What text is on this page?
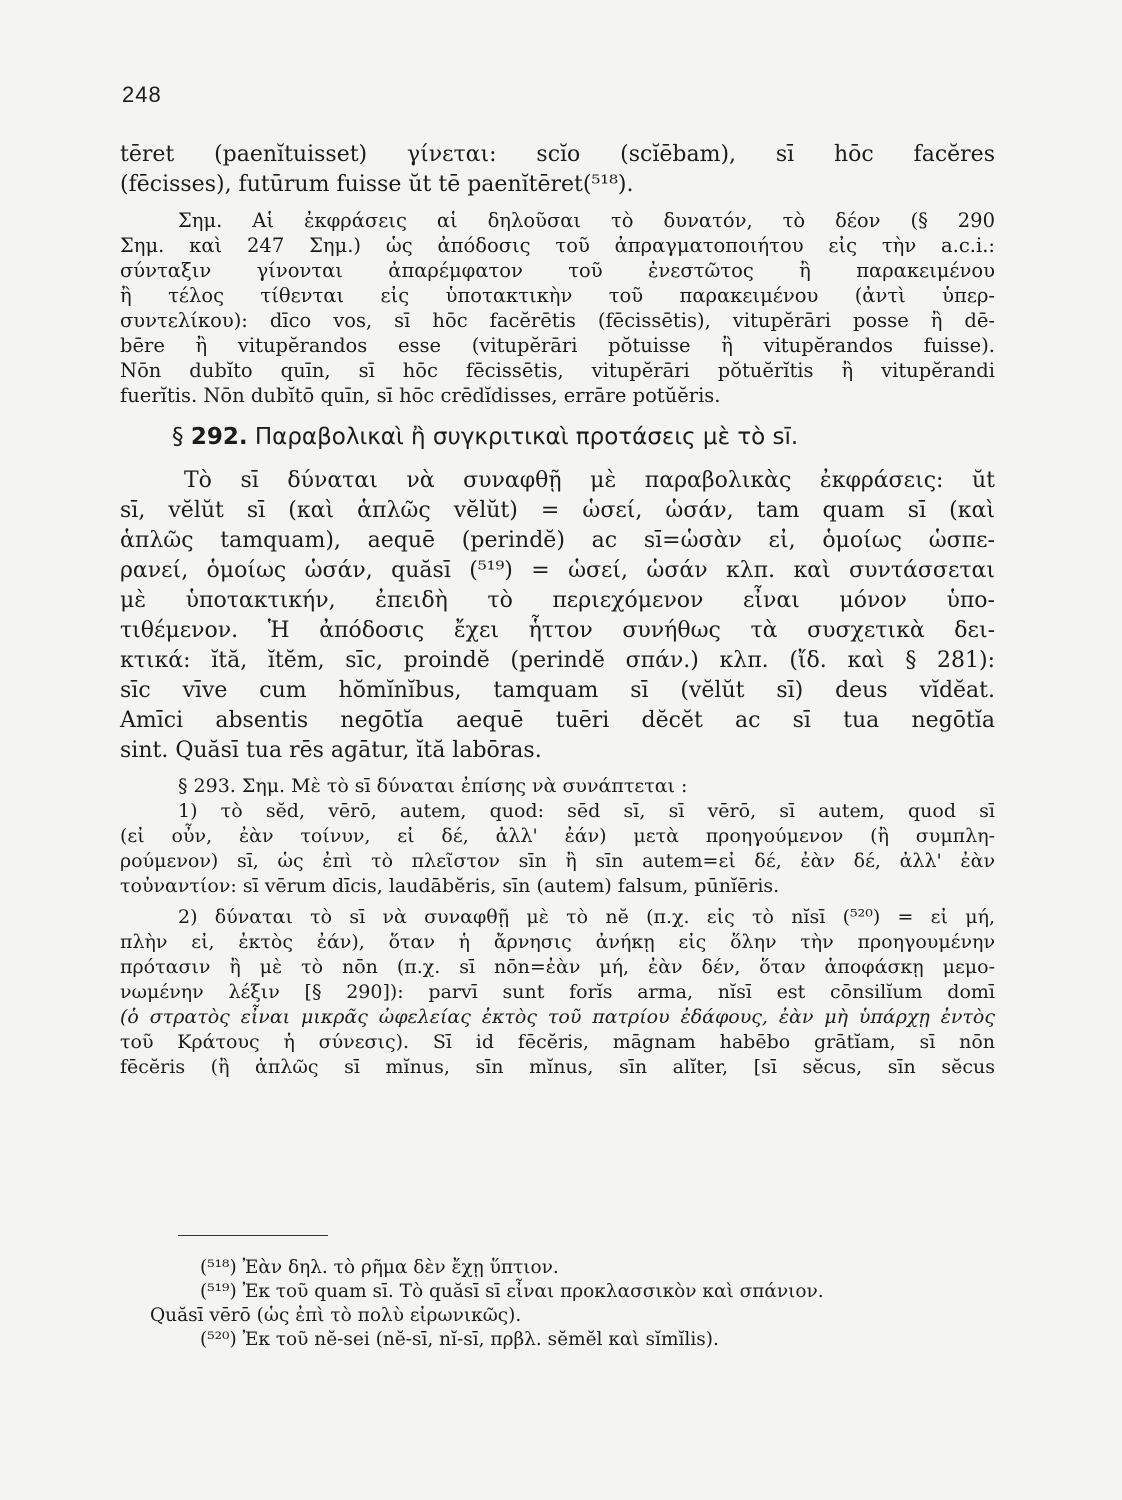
248
tēret (paenĭtuisset) γίνεται: scĭo (scĭēbam), sī hōc facĕres
(fēcisses), futūrum fuisse ŭt tē paenĭtēret(⁵¹⁸).
Σημ. Αἱ ἐκφράσεις αἱ δηλοῦσαι τὸ δυνατόν, τὸ δέον (§ 290
Σημ. καὶ 247 Σημ.) ὡς ἀπόδοσις τοῦ ἀπραγματοποιήτου εἰς τὴν a.c.i.:
σύνταξιν γίνονται ἀπαρέμφατον τοῦ ἐνεστῶτος ἢ παρακειμένου
ἢ τέλος τίθενται εἰς ὑποτακτικὴν τοῦ παρακειμένου (ἀντὶ ὑπερ-
συντελίκου): dīco vos, sī hōc facĕrētis (fēcissētis), vitupĕrāri posse ἢ dē-
bēre ἢ vitupĕrandos esse (vitupĕrāri pŏtuisse ἢ vitupĕrandos fuisse).
Nōn dubĭto quīn, sī hōc fēcissētis, vitupĕrāri pŏtuĕrĭtis ἢ vitupĕrandi
fuerĭtis. Nōn dubĭtō quīn, sī hōc crēdĭdisses, errāre potŭĕris.
§ 292. Παραβολικαὶ ἢ συγκριτικαὶ προτάσεις μὲ τὸ sī.
Τὸ sī δύναται νὰ συναφθῇ μὲ παραβολικὰς ἐκφράσεις: ŭt
sī, vĕlŭt sī (καὶ ἁπλῶς vĕlŭt) = ὡσεί, ὡσάν, tam quam sī (καὶ
ἁπλῶς tamquam), aequē (perindĕ) ac sī=ὡσὰν εἰ, ὁμοίως ὡσπε-
ρανεί, ὁμοίως ὡσάν, quăsī (⁵¹⁹) = ὡσεί, ὡσάν κλπ. καὶ συντάσσεται
μὲ ὑποτακτικήν, ἐπειδὴ τὸ περιεχόμενον εἶναι μόνον ὑπο-
τιθέμενον. Ἡ ἀπόδοσις ἔχει ἧττον συνήθως τὰ συσχετικὰ δει-
κτικά: ĭtă, ĭtĕm, sīc, proindĕ (perindĕ σπάν.) κλπ. (ἴδ. καὶ § 281):
sīc vīve cum hŏmĭnĭbus, tamquam sī (vĕlŭt sī) deus vĭdĕat.
Amīci absentis negōtĭa aequē tuēri dĕcĕt ac sī tua negōtĭa
sint. Quăsī tua rēs agātur, ĭtă labōras.
§ 293. Σημ. Μὲ τὸ sī δύναται ἐπίσης νὰ συνάπτεται :
1) τὸ sĕd, vērō, autem, quod: sēd sī, sī vērō, sī autem, quod sī
(εἰ οὖν, ἐὰν τοίνυν, εἰ δέ, ἀλλ' ἐάν) μετὰ προηγούμενον (ἢ συμπλη-
ρούμενον) sī, ὡς ἐπὶ τὸ πλεῖστον sīn ἢ sīn autem=εἰ δέ, ἐὰν δέ, ἀλλ' ἐὰν
τοὐναντίον: sī vērum dīcis, laudābĕris, sīn (autem) falsum, pūnĭēris.
2) δύναται τὸ sī νὰ συναφθῇ μὲ τὸ nĕ (π.χ. εἰς τὸ nĭsī (⁵²⁰) = εἰ μή,
πλὴν εἰ, ἐκτὸς ἐάν), ὅταν ἡ ἄρνησις ἀνήκῃ εἰς ὅλην τὴν προηγουμένην
πρότασιν ἢ μὲ τὸ nōn (π.χ. sī nōn=ἐὰν μή, ἐὰν δέν, ὅταν ἀποφάσκῃ μεμο-
νωμένην λέξιν [§ 290]): parvī sunt forĭs arma, nĭsī est cōnsilĭum domī
(ὁ στρατὸς εἶναι μικρᾶς ὠφελείας ἐκτὸς τοῦ πατρίου ἐδάφους, ἐὰν μὴ ὑπάρχῃ ἐντὸς
τοῦ Κράτους ἡ σύνεσις). Sī id fēcĕris, māgnam habēbo grātĭam, sī nōn
fēcĕris (ἢ ἁπλῶς sī mĭnus, sīn mĭnus, sīn alĭter, [sī sĕcus, sīn sĕcus
(⁵¹⁸) Ἐὰν δηλ. τὸ ρῆμα δὲν ἔχῃ ὕπτιον.
(⁵¹⁹) Ἐκ τοῦ quam sī. Τὸ quăsī sī εἶναι προκλασσικὸν καὶ σπάνιον.
Quăsī vērō (ὡς ἐπὶ τὸ πολὺ εἰρωνικῶς).
(⁵²⁰) Ἐκ τοῦ nĕ-sei (nĕ-sī, nĭ-sī, πρβλ. sĕmĕl καὶ sĭmĭlis).
